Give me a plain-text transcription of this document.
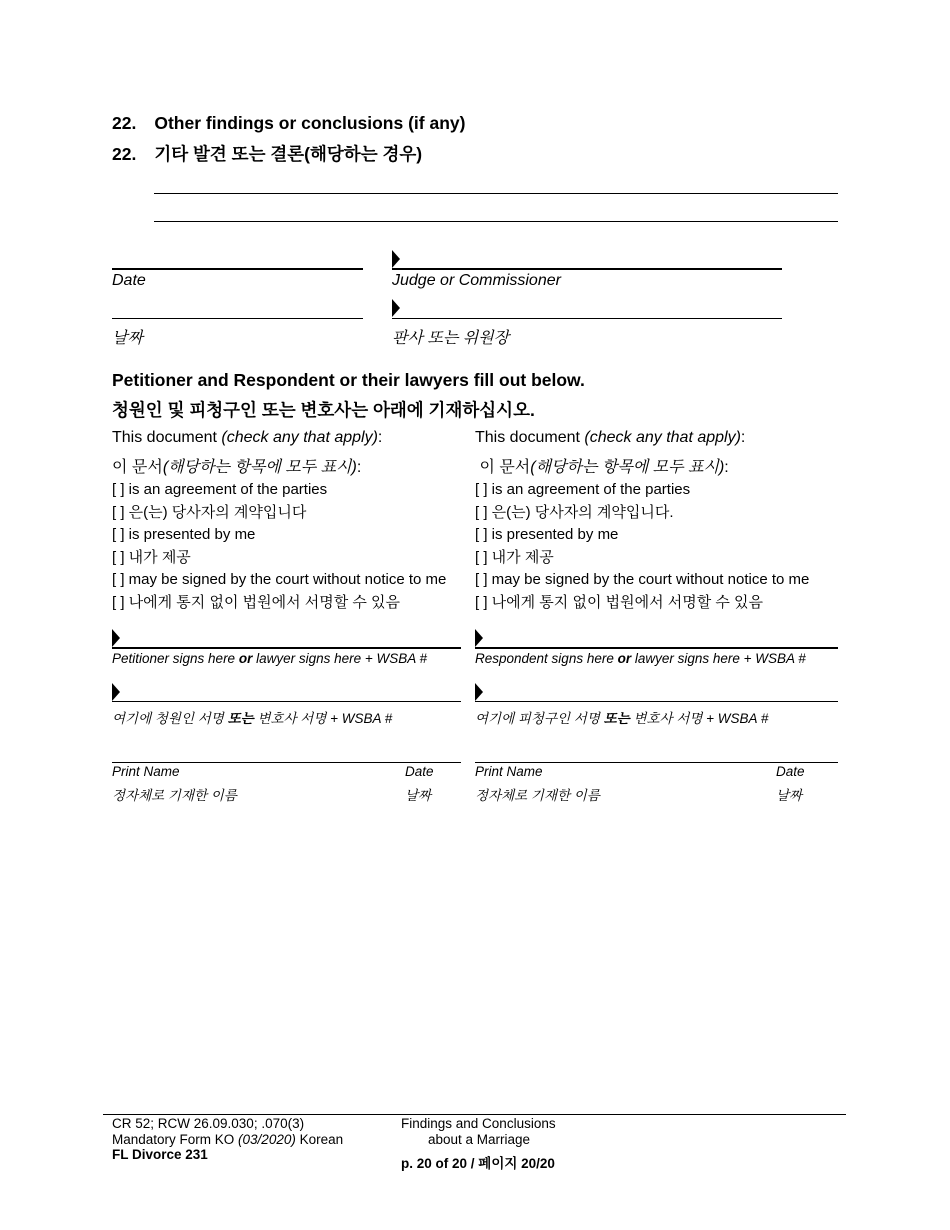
22. Other findings or conclusions (if any)
22. 기타 발견 또는 결론(해당하는 경우)
Date	Judge or Commissioner
날짜	판사 또는 위원장
Petitioner and Respondent or their lawyers fill out below.
청원인 및 피청구인 또는 변호사는 아래에 기재하십시오.
This document (check any that apply):
이 문서(해당하는 항목에 모두 표시):
[ ] is an agreement of the parties
[ ] 은(는) 당사자의 계약입니다
[ ] is presented by me
[ ] 내가 제공
[ ] may be signed by the court without notice to me
[ ] 나에게 통지 없이 법원에서 서명할 수 있음
Petitioner signs here or lawyer signs here + WSBA #
여기에 청원인 서명 또는 변호사 서명 + WSBA #
Print Name	Date
정자체로 기재한 이름	날짜
This document (check any that apply):
이 문서(해당하는 항목에 모두 표시):
[ ] is an agreement of the parties
[ ] 은(는) 당사자의 계약입니다.
[ ] is presented by me
[ ] 내가 제공
[ ] may be signed by the court without notice to me
[ ] 나에게 통지 없이 법원에서 서명할 수 있음
Respondent signs here or lawyer signs here + WSBA #
여기에 피청구인 서명 또는 변호사 서명 + WSBA #
Print Name	Date
정자체로 기재한 이름	날짜
CR 52; RCW 26.09.030; .070(3)
Mandatory Form KO (03/2020) Korean
FL Divorce 231
Findings and Conclusions
about a Marriage
p. 20 of 20 / 페이지 20/20
